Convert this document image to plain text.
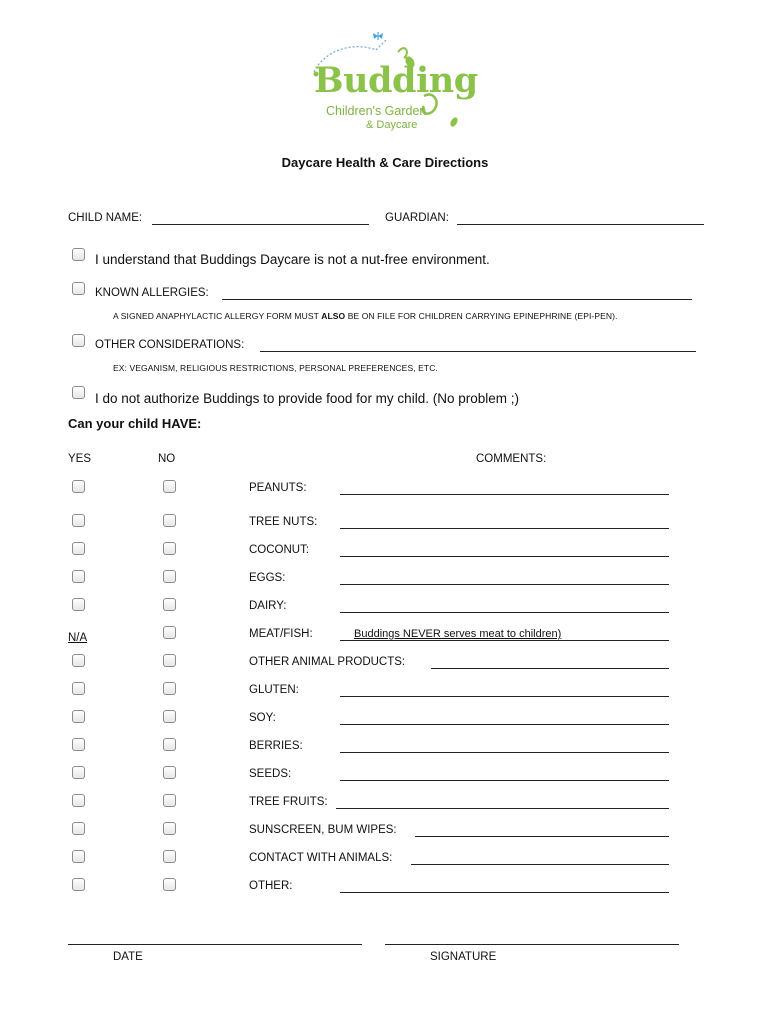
Budding
Children's Garden
& Daycare
Daycare Health & Care Directions
CHILD NAME:	GUARDIAN:
I understand that Buddings Daycare is not a nut-free environment.
KNOWN ALLERGIES:
A SIGNED ANAPHYLACTIC ALLERGY FORM MUST ALSO BE ON FILE FOR CHILDREN CARRYING EPINEPHRINE (EPI-PEN).
OTHER CONSIDERATIONS:
EX: VEGANISM, RELIGIOUS RESTRICTIONS, PERSONAL PREFERENCES, ETC.
I do not authorize Buddings to provide food for my child. (No problem ;)
Can your child HAVE:
YES	NO	COMMENTS:
PEANUTS:
TREE NUTS:
COCONUT:
EGGS:
DAIRY:
N/A	MEAT/FISH:	Buddings NEVER serves meat to children)
OTHER ANIMAL PRODUCTS:
GLUTEN:
SOY:
BERRIES:
SEEDS:
TREE FRUITS:
SUNSCREEN, BUM WIPES:
CONTACT WITH ANIMALS:
OTHER:
DATE	SIGNATURE
